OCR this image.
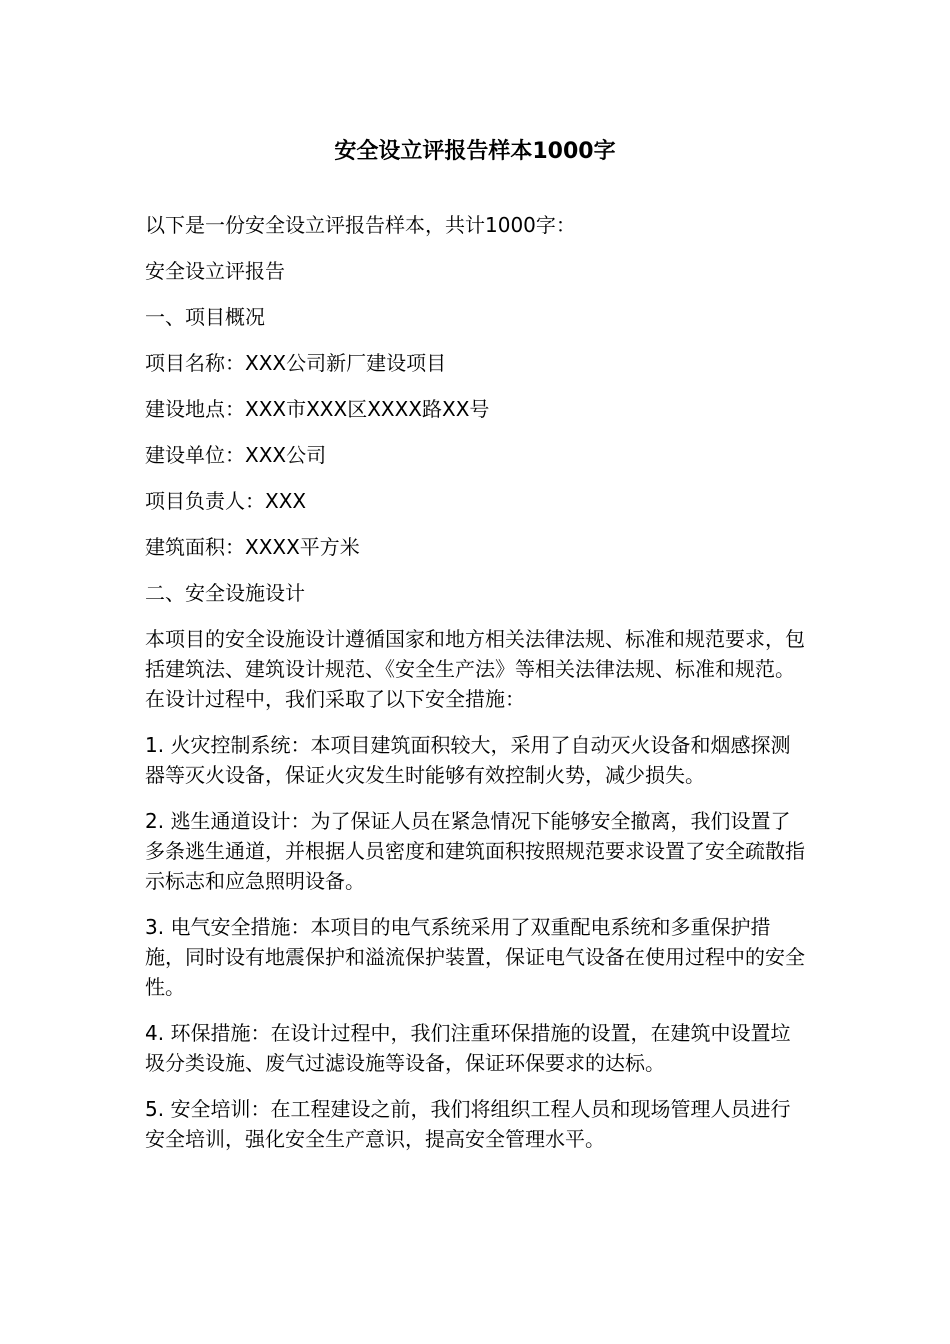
安全设立评报告样本1000字

以下是一份安全设立评报告样本，共计1000字：

安全设立评报告

一、项目概况

项目名称：XXX公司新厂建设项目

建设地点：XXX市XXX区XXXX路XX号

建设单位：XXX公司

项目负责人：XXX

建筑面积：XXXX平方米

二、安全设施设计

本项目的安全设施设计遵循国家和地方相关法律法规、标准和规范要求，包括建筑法、建筑设计规范、《安全生产法》等相关法律法规、标准和规范。在设计过程中，我们采取了以下安全措施：

1. 火灾控制系统：本项目建筑面积较大，采用了自动灭火设备和烟感探测器等灭火设备，保证火灾发生时能够有效控制火势，减少损失。

2. 逃生通道设计：为了保证人员在紧急情况下能够安全撤离，我们设置了多条逃生通道，并根据人员密度和建筑面积按照规范要求设置了安全疏散指示标志和应急照明设备。

3. 电气安全措施：本项目的电气系统采用了双重配电系统和多重保护措施，同时设有地震保护和溢流保护装置，保证电气设备在使用过程中的安全性。

4. 环保措施：在设计过程中，我们注重环保措施的设置，在建筑中设置垃圾分类设施、废气过滤设施等设备，保证环保要求的达标。

5. 安全培训：在工程建设之前，我们将组织工程人员和现场管理人员进行安全培训，强化安全生产意识，提高安全管理水平。
